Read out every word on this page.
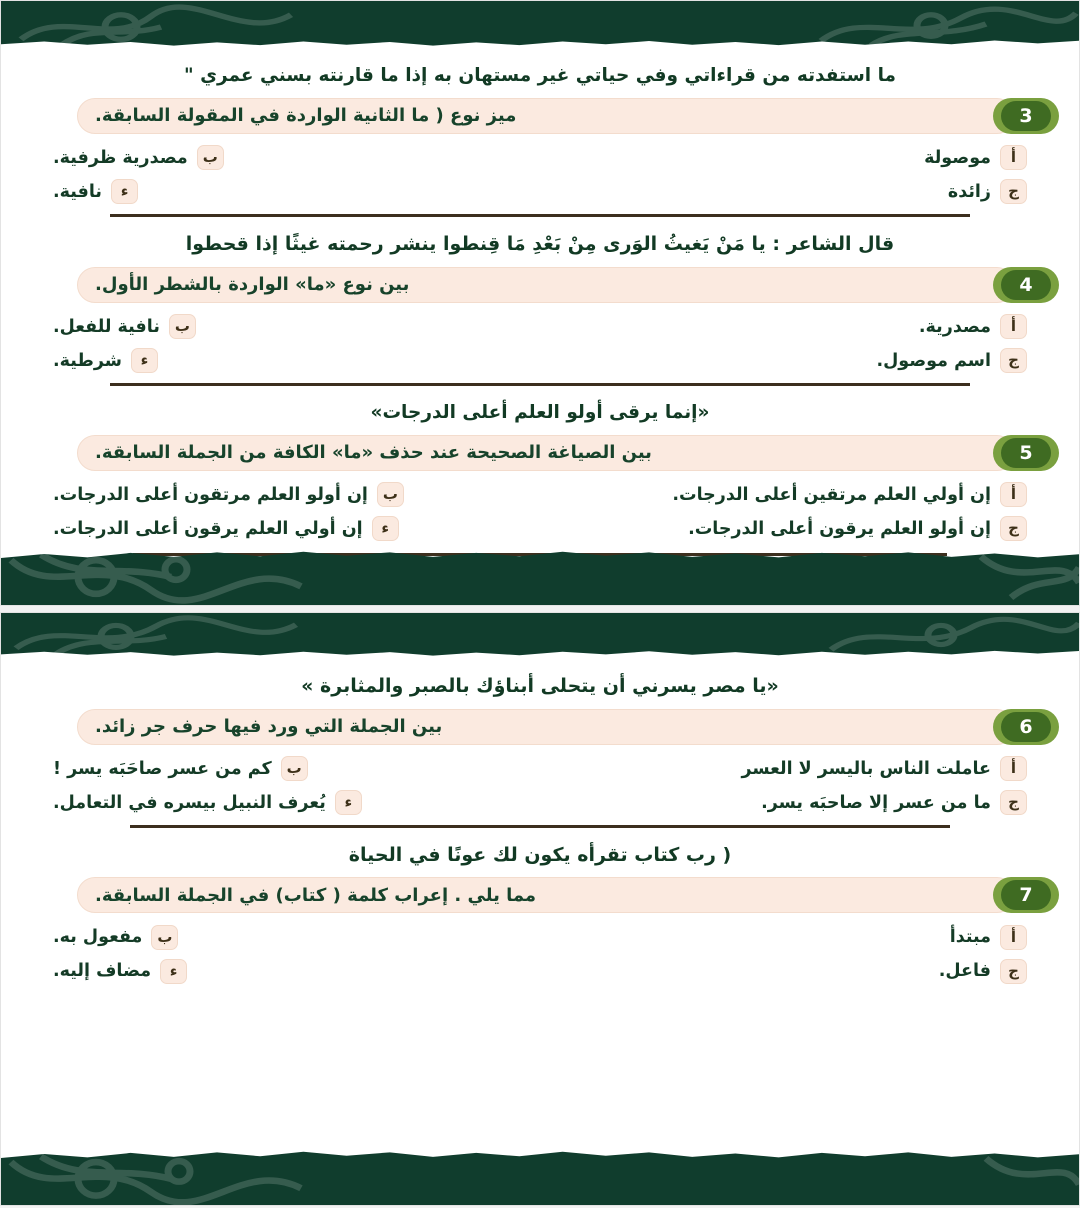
ما استفدته من قراءاتي وفي حياتي غير مستهان به إذا ما قارنته بسني عمري "
ميز نوع ( ما الثانية الواردة في المقولة السابقة.	3
أ
موصولة
ب
مصدرية ظرفية.
ج
زائدة
ء
نافية.
قال الشاعر : يا مَنْ يَغيثُ الوَرى مِنْ بَعْدِ مَا قِنطوا ينشر رحمته غيثًا إذا قحطوا
بين نوع «ما» الواردة بالشطر الأول.	4
أ
مصدرية.
ب
نافية للفعل.
ج
اسم موصول.
ء
شرطية.
«إنما يرقى أولو العلم أعلى الدرجات»
بين الصياغة الصحيحة عند حذف «ما» الكافة من الجملة السابقة.	5
أ
إن أولي العلم مرتقين أعلى الدرجات.
ب
إن أولو العلم مرتقون أعلى الدرجات.
ج
إن أولو العلم يرقون أعلى الدرجات.
ء
إن أولي العلم يرقون أعلى الدرجات.
«يا مصر يسرني أن يتحلى أبناؤك بالصبر والمثابرة »
بين الجملة التي ورد فيها حرف جر زائد.	6
أ
عاملت الناس باليسر لا العسر
ب
كم من عسر صاحَبَه يسر !
ج
ما من عسر إلا صاحبَه يسر.
ء
يُعرف النبيل بيسره في التعامل.
( رب كتاب تقرأه يكون لك عونًا في الحياة
مما يلي . إعراب كلمة ( كتاب) في الجملة السابقة.	7
أ
مبتدأ
ب
مفعول به.
ج
فاعل.
ء
مضاف إليه.
